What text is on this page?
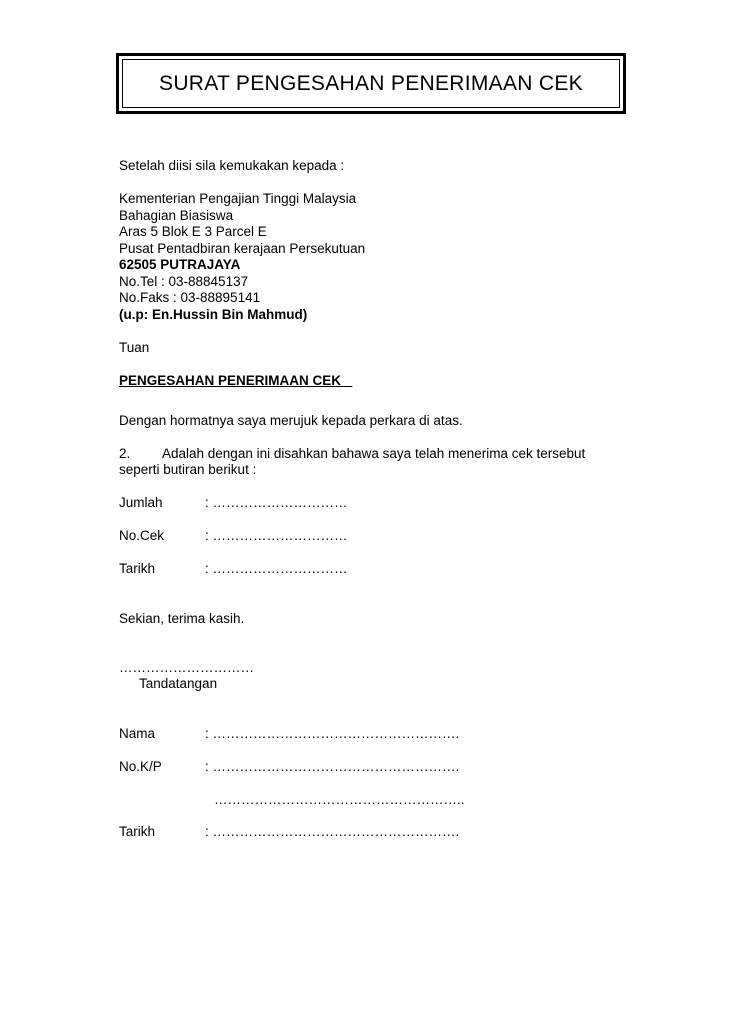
SURAT PENGESAHAN PENERIMAAN CEK
Setelah diisi sila kemukakan kepada :
Kementerian Pengajian Tinggi Malaysia
Bahagian Biasiswa
Aras 5 Blok E 3 Parcel E
Pusat Pentadbiran kerajaan Persekutuan
62505 PUTRAJAYA
No.Tel : 03-88845137
No.Faks : 03-88895141
(u.p: En.Hussin Bin Mahmud)
Tuan
PENGESAHAN PENERIMAAN CEK
Dengan hormatnya saya merujuk kepada perkara di atas.
2. Adalah dengan ini disahkan bahawa saya telah menerima cek tersebut
seperti butiran berikut :
Jumlah	: …………………………
No.Cek	: …………………………
Tarikh	: …………………………
Sekian, terima kasih.
…………………………
Tandatangan
Nama	: ……………………………………………….
No.K/P	: ……………………………………………….
………………………………………………..
Tarikh	: ……………………………………………….
